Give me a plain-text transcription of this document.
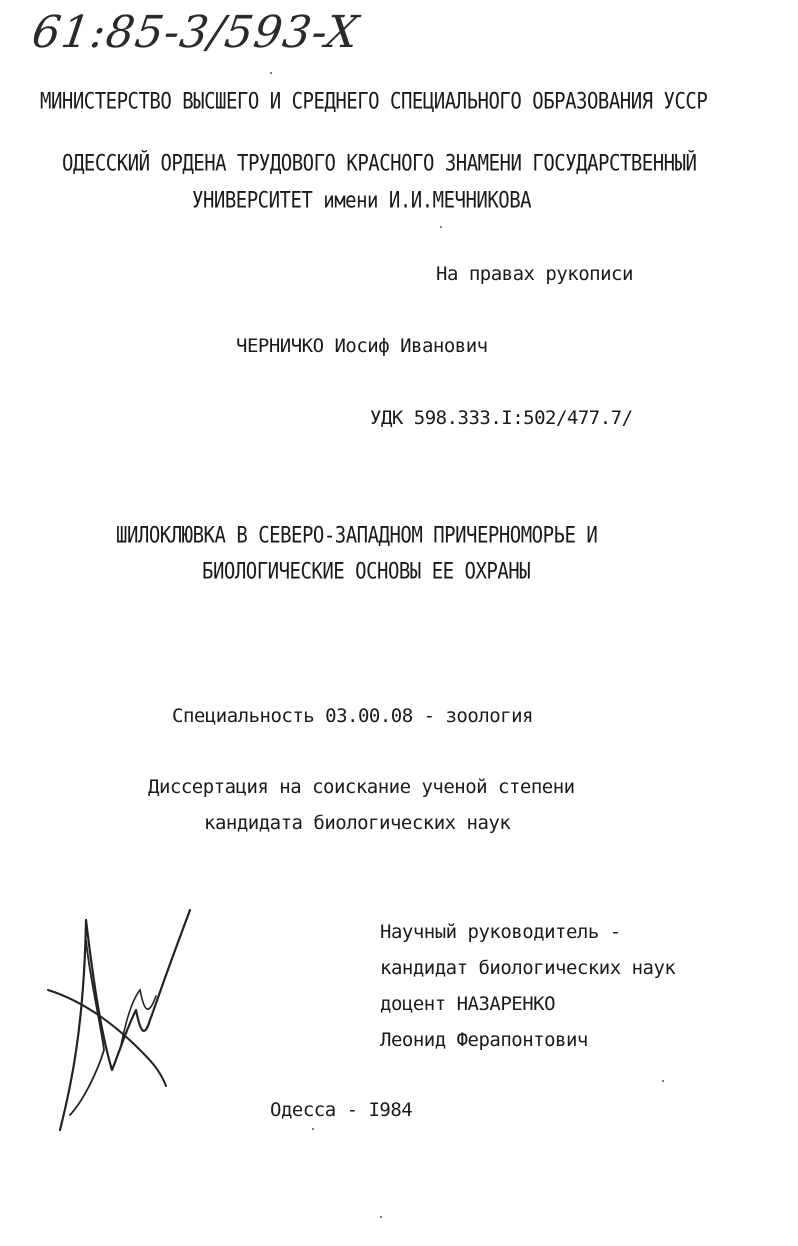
61:85-3/593-X
МИНИСТЕРСТВО ВЫСШЕГО И СРЕДНЕГО СПЕЦИАЛЬНОГО ОБРАЗОВАНИЯ УССР
ОДЕССКИЙ ОРДЕНА ТРУДОВОГО КРАСНОГО ЗНАМЕНИ ГОСУДАРСТВЕННЫЙ
УНИВЕРСИТЕТ имени И.И.МЕЧНИКОВА
На правах рукописи
ЧЕРНИЧКО Иосиф Иванович
УДК 598.333.I:502/477.7/
ШИЛОКЛЮВКА В СЕВЕРО-ЗАПАДНОМ ПРИЧЕРНОМОРЬЕ И
БИОЛОГИЧЕСКИЕ ОСНОВЫ ЕЕ ОХРАНЫ
Специальность 03.00.08 - зоология
Диссертация на соискание ученой степени
кандидата биологических наук
Научный руководитель -
кандидат биологических наук
доцент НАЗАРЕНКО
Леонид Ферапонтович
Одесса - I984
